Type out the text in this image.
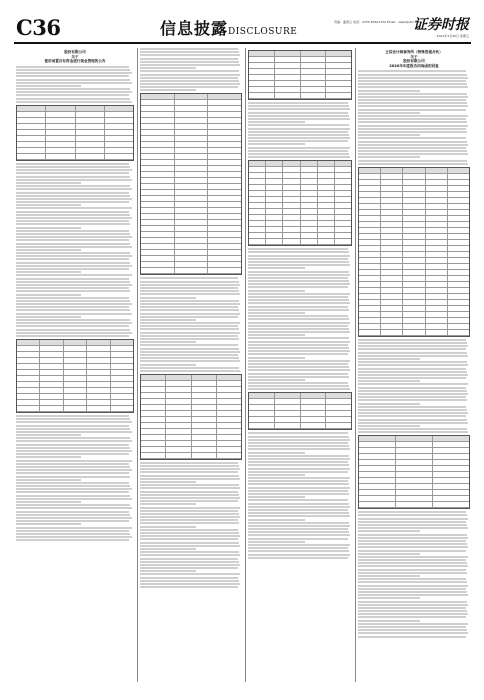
C36	信息披露DISCLOSURE
责编：董春云 电话：0755-83501750 Email：zqsb@stcn.com
证券时报
2021年4月30日 星期五
股份有限公司
关于
使用闲置自有资金进行现金管理的公告
立信会计师事务所（特殊普通合伙）
关于
股份有限公司
2020年年度报告问询函的回复
